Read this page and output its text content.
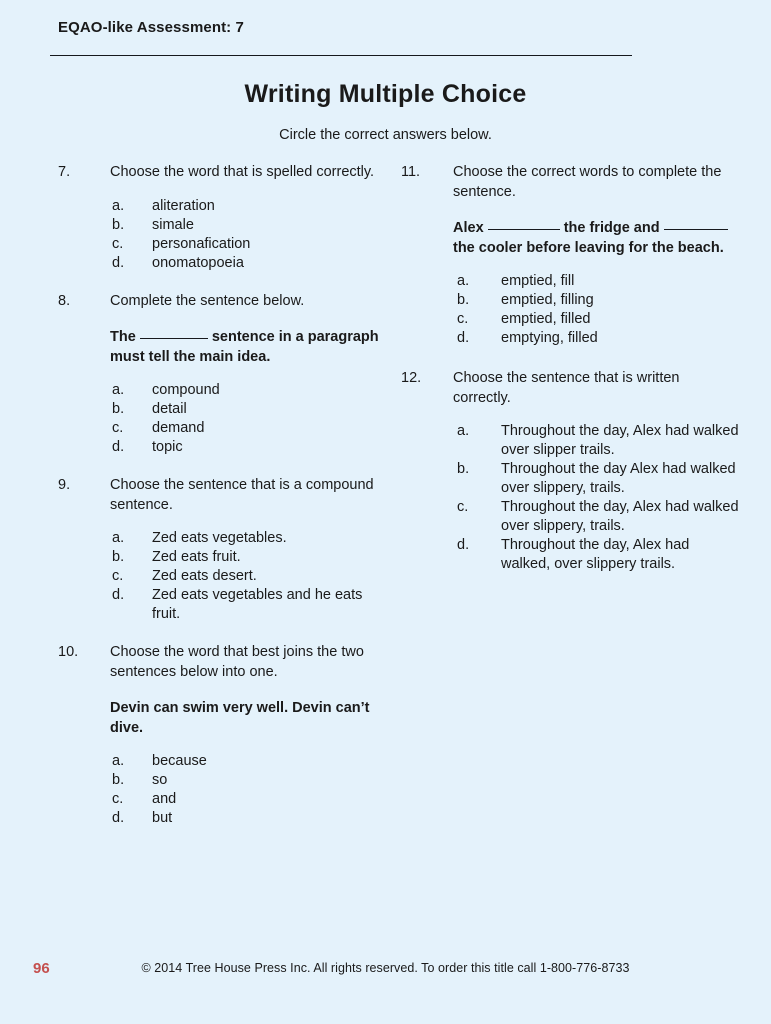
EQAO-like Assessment: 7
Writing Multiple Choice
Circle the correct answers below.
7.	Choose the word that is spelled correctly.
a. aliteration
b. simale
c. personafication
d. onomatopoeia
8.	Complete the sentence below.
The	sentence in a paragraph must tell the main idea.
a. compound
b. detail
c. demand
d. topic
9.	Choose the sentence that is a compound sentence.
a. Zed eats vegetables.
b. Zed eats fruit.
c. Zed eats desert.
d. Zed eats vegetables and he eats fruit.
10. Choose the word that best joins the two sentences below into one.
Devin can swim very well. Devin can’t dive.
a. because
b. so
c. and
d. but
11. Choose the correct words to complete the sentence.
Alex	the fridge and  the cooler before leaving for the beach.
a. emptied, fill
b. emptied, filling
c. emptied, filled
d. emptying, filled
12. Choose the sentence that is written correctly.
a. Throughout the day, Alex had walked over slipper trails.
b. Throughout the day Alex had walked over slippery, trails.
c. Throughout the day, Alex had walked over slippery, trails.
d. Throughout the day, Alex had walked, over slippery trails.
96	© 2014 Tree House Press Inc. All rights reserved. To order this title call 1-800-776-8733
